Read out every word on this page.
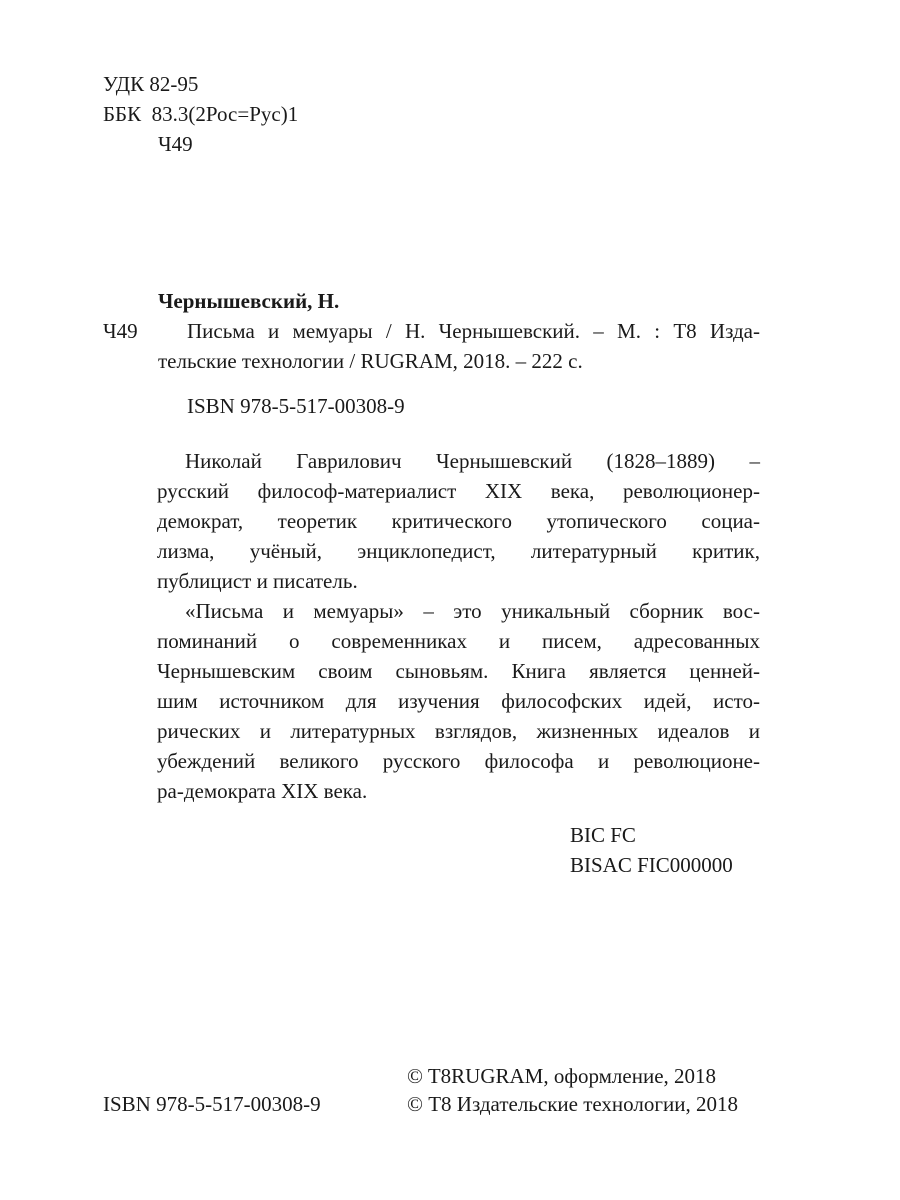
УДК 82-95
ББК  83.3(2Рос=Рус)1
Ч49
Чернышевский, Н.
Ч49 Письма и мемуары / Н. Чернышевский. – М. : Т8 Изда-
тельские технологии / RUGRAM, 2018. – 222 с.
ISBN 978-5-517-00308-9
Николай Гаврилович Чернышевский (1828–1889) –
русский философ-материалист XIX века, революционер-
демократ, теоретик критического утопического социа-
лизма, учёный, энциклопедист, литературный критик,
публицист и писатель.
«Письма и мемуары» – это уникальный сборник вос-
поминаний о современниках и писем, адресованных
Чернышевским своим сыновьям. Книга является ценней-
шим источником для изучения философских идей, исто-
рических и литературных взглядов, жизненных идеалов и
убеждений великого русского философа и революционе-
ра-демократа XIX века.
BIC FC
BISAC FIC000000
© T8RUGRAM, оформление, 2018
ISBN 978-5-517-00308-9	© Т8 Издательские технологии, 2018
